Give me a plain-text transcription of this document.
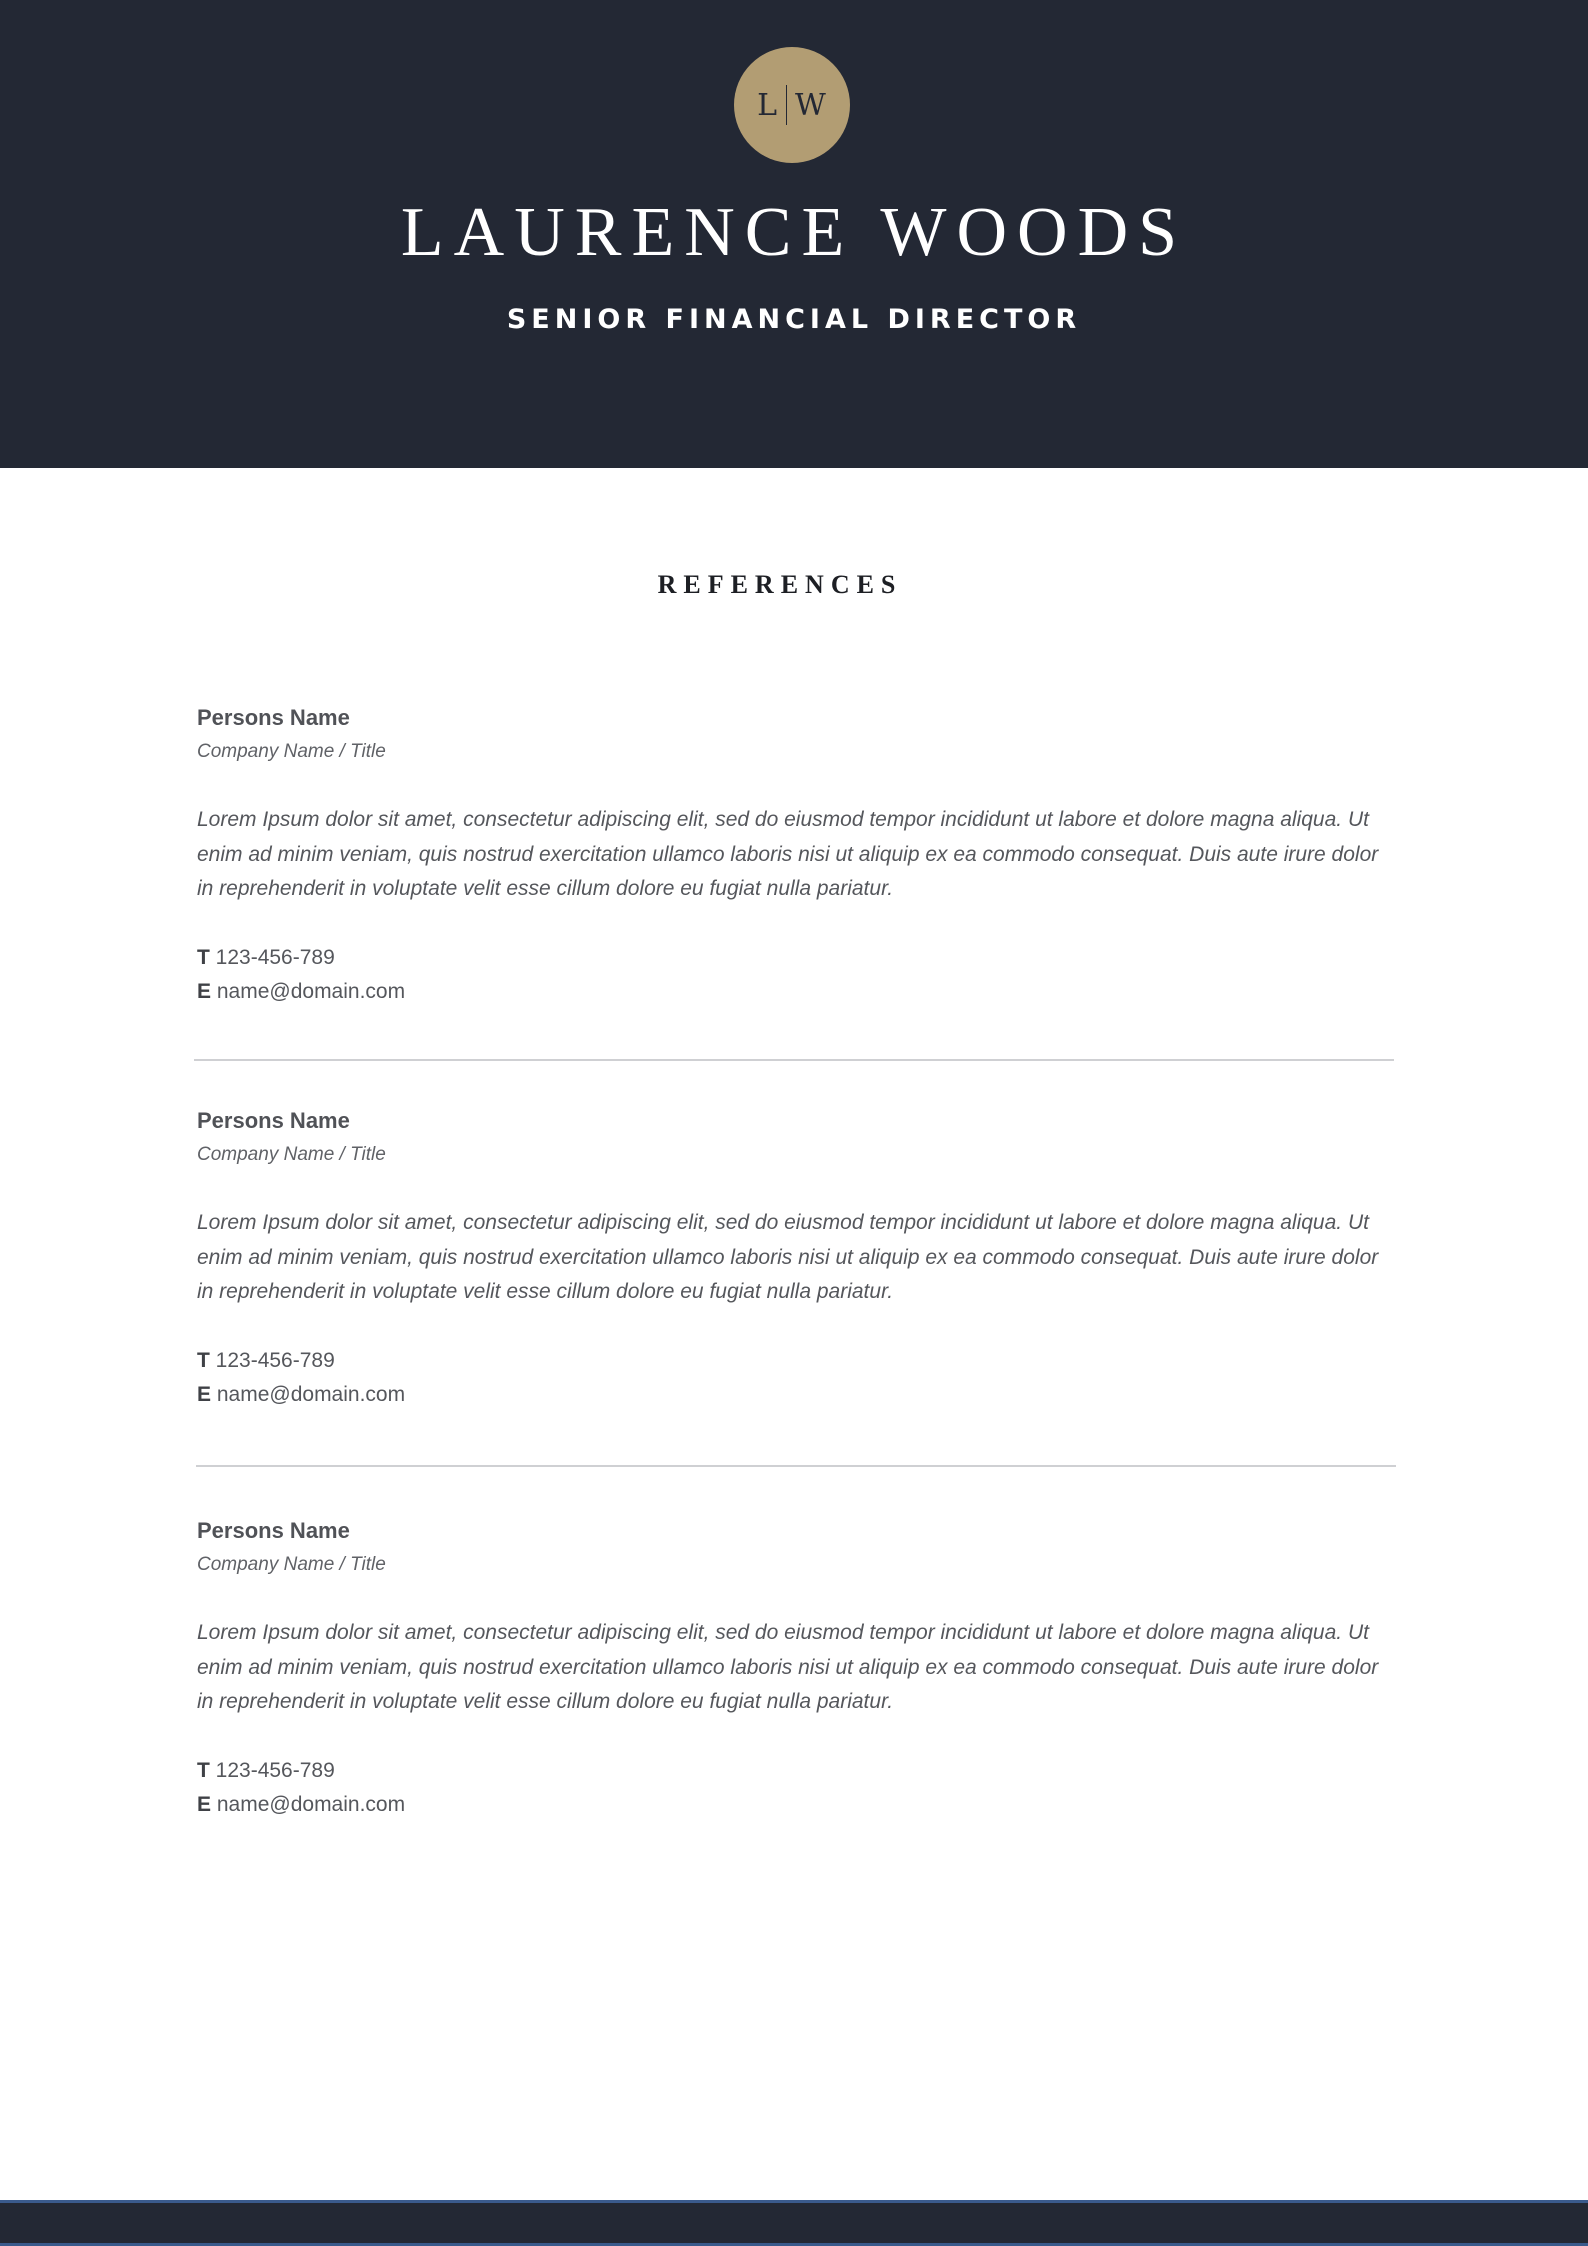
L W
LAURENCE WOODS
SENIOR FINANCIAL DIRECTOR
REFERENCES
Persons Name
Company Name / Title
Lorem Ipsum dolor sit amet, consectetur adipiscing elit, sed do eiusmod tempor incididunt ut labore et dolore magna aliqua. Ut enim ad minim veniam, quis nostrud exercitation ullamco laboris nisi ut aliquip ex ea commodo consequat. Duis aute irure dolor in reprehenderit in voluptate velit esse cillum dolore eu fugiat nulla pariatur.
T 123-456-789
E name@domain.com
Persons Name
Company Name / Title
Lorem Ipsum dolor sit amet, consectetur adipiscing elit, sed do eiusmod tempor incididunt ut labore et dolore magna aliqua. Ut enim ad minim veniam, quis nostrud exercitation ullamco laboris nisi ut aliquip ex ea commodo consequat. Duis aute irure dolor in reprehenderit in voluptate velit esse cillum dolore eu fugiat nulla pariatur.
T 123-456-789
E name@domain.com
Persons Name
Company Name / Title
Lorem Ipsum dolor sit amet, consectetur adipiscing elit, sed do eiusmod tempor incididunt ut labore et dolore magna aliqua. Ut enim ad minim veniam, quis nostrud exercitation ullamco laboris nisi ut aliquip ex ea commodo consequat. Duis aute irure dolor in reprehenderit in voluptate velit esse cillum dolore eu fugiat nulla pariatur.
T 123-456-789
E name@domain.com
